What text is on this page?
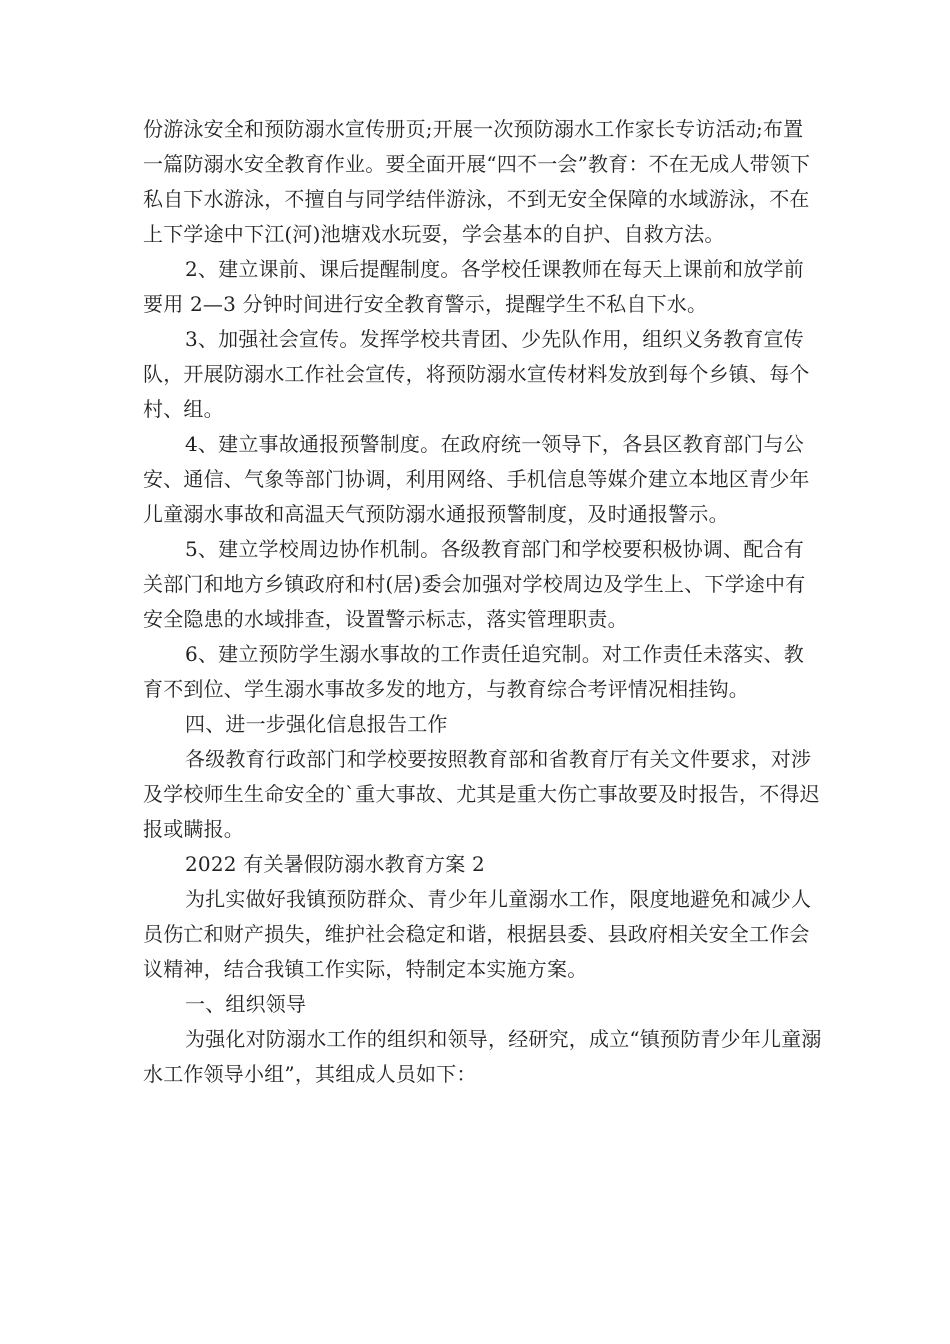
份游泳安全和预防溺水宣传册页;开展一次预防溺水工作家长专访活动;布置一篇防溺水安全教育作业。要全面开展“四不一会”教育：不在无成人带领下私自下水游泳，不擅自与同学结伴游泳，不到无安全保障的水域游泳，不在上下学途中下江(河)池塘戏水玩耍，学会基本的自护、自救方法。

2、建立课前、课后提醒制度。各学校任课教师在每天上课前和放学前要用 2—3 分钟时间进行安全教育警示，提醒学生不私自下水。

3、加强社会宣传。发挥学校共青团、少先队作用，组织义务教育宣传队，开展防溺水工作社会宣传，将预防溺水宣传材料发放到每个乡镇、每个村、组。

4、建立事故通报预警制度。在政府统一领导下，各县区教育部门与公安、通信、气象等部门协调，利用网络、手机信息等媒介建立本地区青少年儿童溺水事故和高温天气预防溺水通报预警制度，及时通报警示。

5、建立学校周边协作机制。各级教育部门和学校要积极协调、配合有关部门和地方乡镇政府和村(居)委会加强对学校周边及学生上、下学途中有安全隐患的水域排查，设置警示标志，落实管理职责。

6、建立预防学生溺水事故的工作责任追究制。对工作责任未落实、教育不到位、学生溺水事故多发的地方，与教育综合考评情况相挂钩。

四、进一步强化信息报告工作

各级教育行政部门和学校要按照教育部和省教育厅有关文件要求，对涉及学校师生生命安全的`重大事故、尤其是重大伤亡事故要及时报告，不得迟报或瞒报。

2022 有关暑假防溺水教育方案 2

为扎实做好我镇预防群众、青少年儿童溺水工作，限度地避免和减少人员伤亡和财产损失，维护社会稳定和谐，根据县委、县政府相关安全工作会议精神，结合我镇工作实际，特制定本实施方案。

一、组织领导

为强化对防溺水工作的组织和领导，经研究，成立“镇预防青少年儿童溺水工作领导小组”，其组成人员如下：
